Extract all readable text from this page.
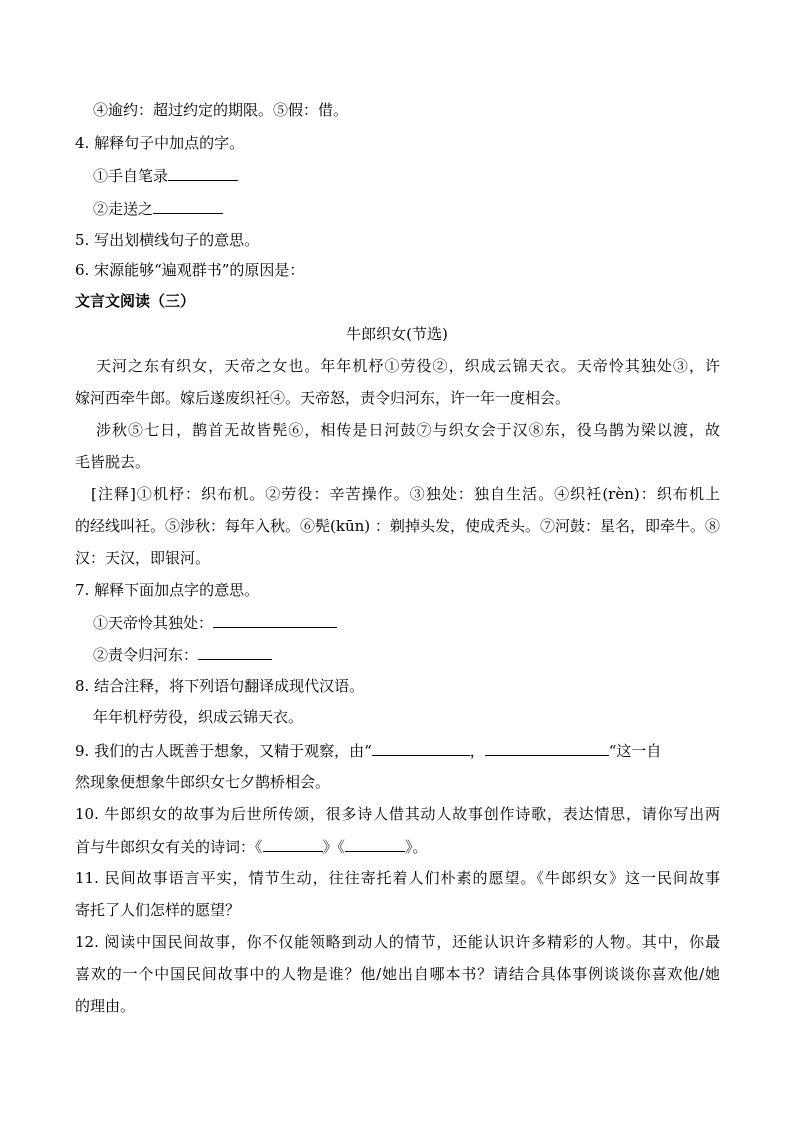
④逾约：超过约定的期限。⑤假：借。
4. 解释句子中加点的字。
①手自笔录
②走送之
5. 写出划横线句子的意思。
6. 宋源能够“遍观群书”的原因是：
文言文阅读（三）
牛郎织女(节选)
天河之东有织女，天帝之女也。年年机杼①劳役②，织成云锦天衣。天帝怜其独处③，许
嫁河西牵牛郎。嫁后遂废织衽④。天帝怒，责令归河东，许一年一度相会。
涉秋⑤七日，鹊首无故皆髡⑥，相传是日河鼓⑦与织女会于汉⑧东，役乌鹊为梁以渡，故
毛皆脱去。
[注释]①机杼：织布机。②劳役：辛苦操作。③独处：独自生活。④织衽(rèn)：织布机上
的经线叫衽。⑤涉秋：每年入秋。⑥髡(kūn) ：剃掉头发，使成秃头。⑦河鼓：星名，即牵牛。⑧
汉：天汉，即银河。
7. 解释下面加点字的意思。
①天帝怜其独处：
②责令归河东：
8. 结合注释，将下列语句翻译成现代汉语。
年年机杼劳役，织成云锦天衣。
9. 我们的古人既善于想象，又精于观察，由“	，	“这一自
然现象便想象牛郎织女七夕鹊桥相会。
10. 牛郎织女的故事为后世所传颂，很多诗人借其动人故事创作诗歌，表达情思，请你写出两
首与牛郎织女有关的诗词：《	》《	》。
11. 民间故事语言平实，情节生动，往往寄托着人们朴素的愿望。《牛郎织女》这一民间故事
寄托了人们怎样的愿望？
12. 阅读中国民间故事，你不仅能领略到动人的情节，还能认识许多精彩的人物。其中，你最
喜欢的一个中国民间故事中的人物是谁？他/她出自哪本书？请结合具体事例谈谈你喜欢他/她
的理由。
